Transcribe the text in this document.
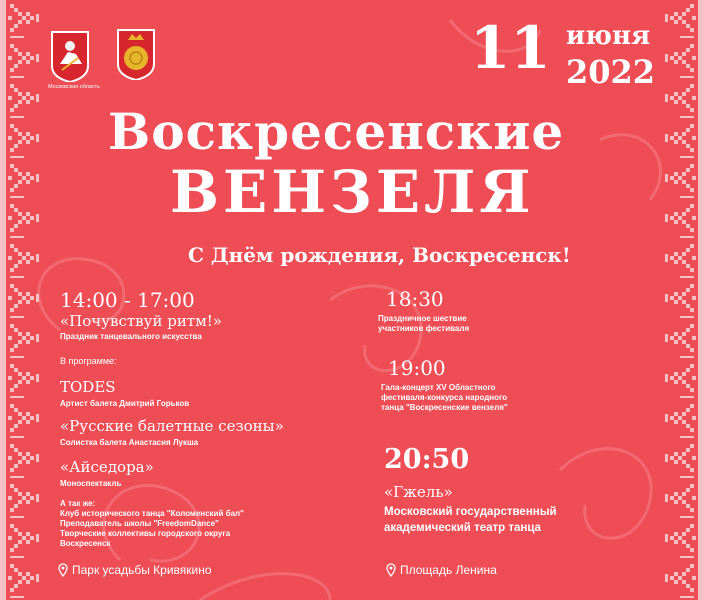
Московская область
11 июня
2022
Воскресенские
ВЕНЗЕЛЯ
С Днём рождения, Воскресенск!
14:00 - 17:00
«Почувствуй ритм!»
Праздник танцевального искусства
В программе:
TODES
Артист балета Дмитрий Горьков
«Русские балетные сезоны»
Солистка балета Анастасия Лукша
«Айседора»
Моноспектакль
А так же:
Клуб исторического танца "Коломенский бал"
Преподаватель школы "FreedomDance"
Творческие коллективы городского округа
Воскресенск
Парк усадьбы Кривякино
18:30
Праздничное шествие
участников фестиваля
19:00
Гала-концерт XV Областного
фестиваля-конкурса народного
танца "Воскресенские вензеля"
20:50
«Гжель»
Московский государственный
академический театр танца
Площадь Ленина
